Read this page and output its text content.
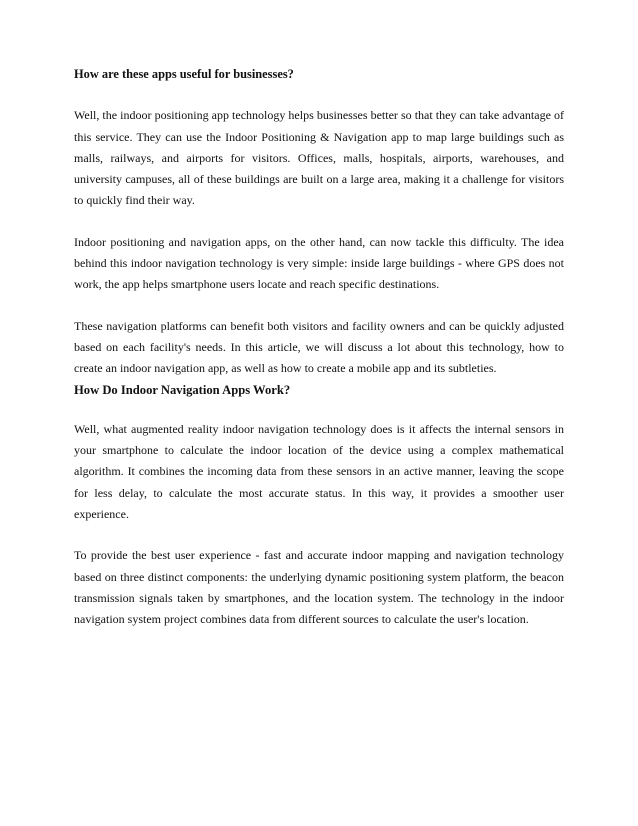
How are these apps useful for businesses?

Well, the indoor positioning app technology helps businesses better so that they can take advantage of this service. They can use the Indoor Positioning & Navigation app to map large buildings such as malls, railways, and airports for visitors. Offices, malls, hospitals, airports, warehouses, and university campuses, all of these buildings are built on a large area, making it a challenge for visitors to quickly find their way.

Indoor positioning and navigation apps, on the other hand, can now tackle this difficulty. The idea behind this indoor navigation technology is very simple: inside large buildings - where GPS does not work, the app helps smartphone users locate and reach specific destinations.

These navigation platforms can benefit both visitors and facility owners and can be quickly adjusted based on each facility's needs. In this article, we will discuss a lot about this technology, how to create an indoor navigation app, as well as how to create a mobile app and its subtleties.

How Do Indoor Navigation Apps Work?

Well, what augmented reality indoor navigation technology does is it affects the internal sensors in your smartphone to calculate the indoor location of the device using a complex mathematical algorithm. It combines the incoming data from these sensors in an active manner, leaving the scope for less delay, to calculate the most accurate status. In this way, it provides a smoother user experience.

To provide the best user experience - fast and accurate indoor mapping and navigation technology based on three distinct components: the underlying dynamic positioning system platform, the beacon transmission signals taken by smartphones, and the location system. The technology in the indoor navigation system project combines data from different sources to calculate the user's location.
